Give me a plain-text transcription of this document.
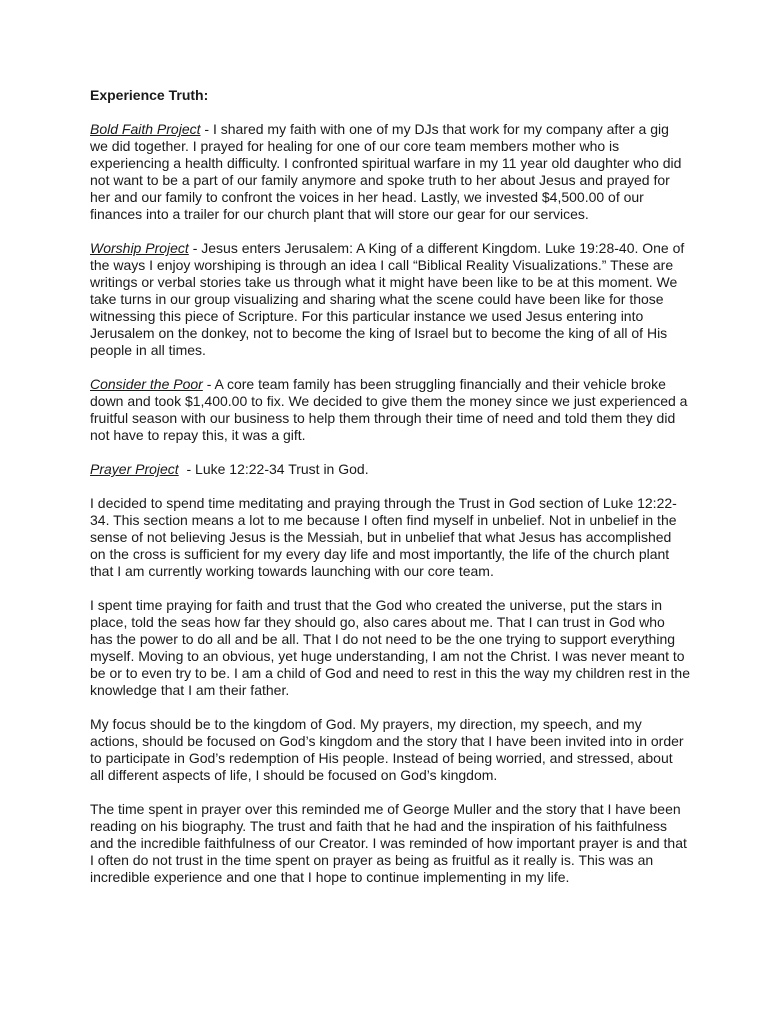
Experience Truth:

Bold Faith Project - I shared my faith with one of my DJs that work for my company after a gig we did together. I prayed for healing for one of our core team members mother who is experiencing a health difficulty. I confronted spiritual warfare in my 11 year old daughter who did not want to be a part of our family anymore and spoke truth to her about Jesus and prayed for her and our family to confront the voices in her head. Lastly, we invested $4,500.00 of our finances into a trailer for our church plant that will store our gear for our services.

Worship Project - Jesus enters Jerusalem: A King of a different Kingdom. Luke 19:28-40. One of the ways I enjoy worshiping is through an idea I call “Biblical Reality Visualizations.” These are writings or verbal stories take us through what it might have been like to be at this moment. We take turns in our group visualizing and sharing what the scene could have been like for those witnessing this piece of Scripture. For this particular instance we used Jesus entering into Jerusalem on the donkey, not to become the king of Israel but to become the king of all of His people in all times.

Consider the Poor - A core team family has been struggling financially and their vehicle broke down and took $1,400.00 to fix. We decided to give them the money since we just experienced a fruitful season with our business to help them through their time of need and told them they did not have to repay this, it was a gift.

Prayer Project  - Luke 12:22-34 Trust in God.

I decided to spend time meditating and praying through the Trust in God section of Luke 12:22-34. This section means a lot to me because I often find myself in unbelief. Not in unbelief in the sense of not believing Jesus is the Messiah, but in unbelief that what Jesus has accomplished on the cross is sufficient for my every day life and most importantly, the life of the church plant that I am currently working towards launching with our core team.

I spent time praying for faith and trust that the God who created the universe, put the stars in place, told the seas how far they should go, also cares about me. That I can trust in God who has the power to do all and be all. That I do not need to be the one trying to support everything myself. Moving to an obvious, yet huge understanding, I am not the Christ. I was never meant to be or to even try to be. I am a child of God and need to rest in this the way my children rest in the knowledge that I am their father.

My focus should be to the kingdom of God. My prayers, my direction, my speech, and my actions, should be focused on God’s kingdom and the story that I have been invited into in order to participate in God’s redemption of His people. Instead of being worried, and stressed, about all different aspects of life, I should be focused on God’s kingdom.

The time spent in prayer over this reminded me of George Muller and the story that I have been reading on his biography. The trust and faith that he had and the inspiration of his faithfulness and the incredible faithfulness of our Creator. I was reminded of how important prayer is and that I often do not trust in the time spent on prayer as being as fruitful as it really is. This was an incredible experience and one that I hope to continue implementing in my life.
